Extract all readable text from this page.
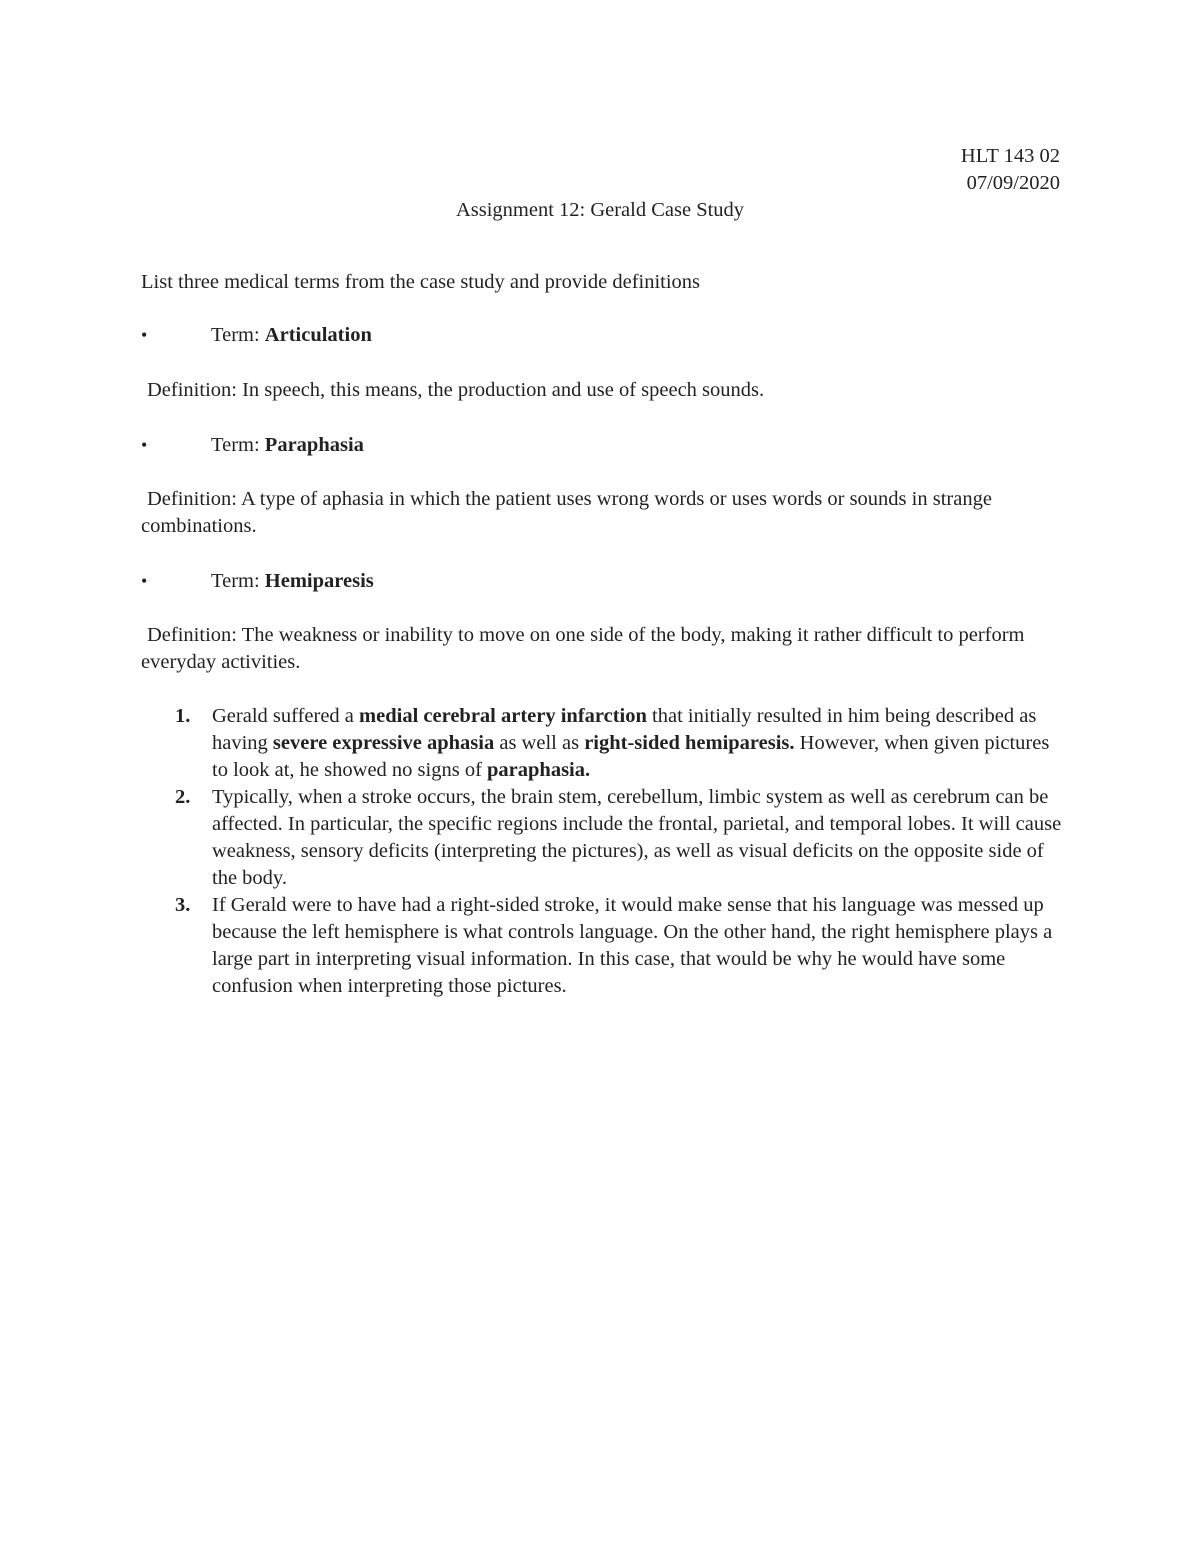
HLT 143 02
07/09/2020
Assignment 12: Gerald Case Study
List three medical terms from the case study and provide definitions
•	Term: Articulation
Definition: In speech, this means, the production and use of speech sounds.
•	Term: Paraphasia
Definition: A type of aphasia in which the patient uses wrong words or uses words or sounds in strange combinations.
•	Term: Hemiparesis
Definition: The weakness or inability to move on one side of the body, making it rather difficult to perform everyday activities.
1. Gerald suffered a medial cerebral artery infarction that initially resulted in him being described as having severe expressive aphasia as well as right-sided hemiparesis. However, when given pictures to look at, he showed no signs of paraphasia.
2. Typically, when a stroke occurs, the brain stem, cerebellum, limbic system as well as cerebrum can be affected. In particular, the specific regions include the frontal, parietal, and temporal lobes. It will cause weakness, sensory deficits (interpreting the pictures), as well as visual deficits on the opposite side of the body.
3. If Gerald were to have had a right-sided stroke, it would make sense that his language was messed up because the left hemisphere is what controls language. On the other hand, the right hemisphere plays a large part in interpreting visual information. In this case, that would be why he would have some confusion when interpreting those pictures.
